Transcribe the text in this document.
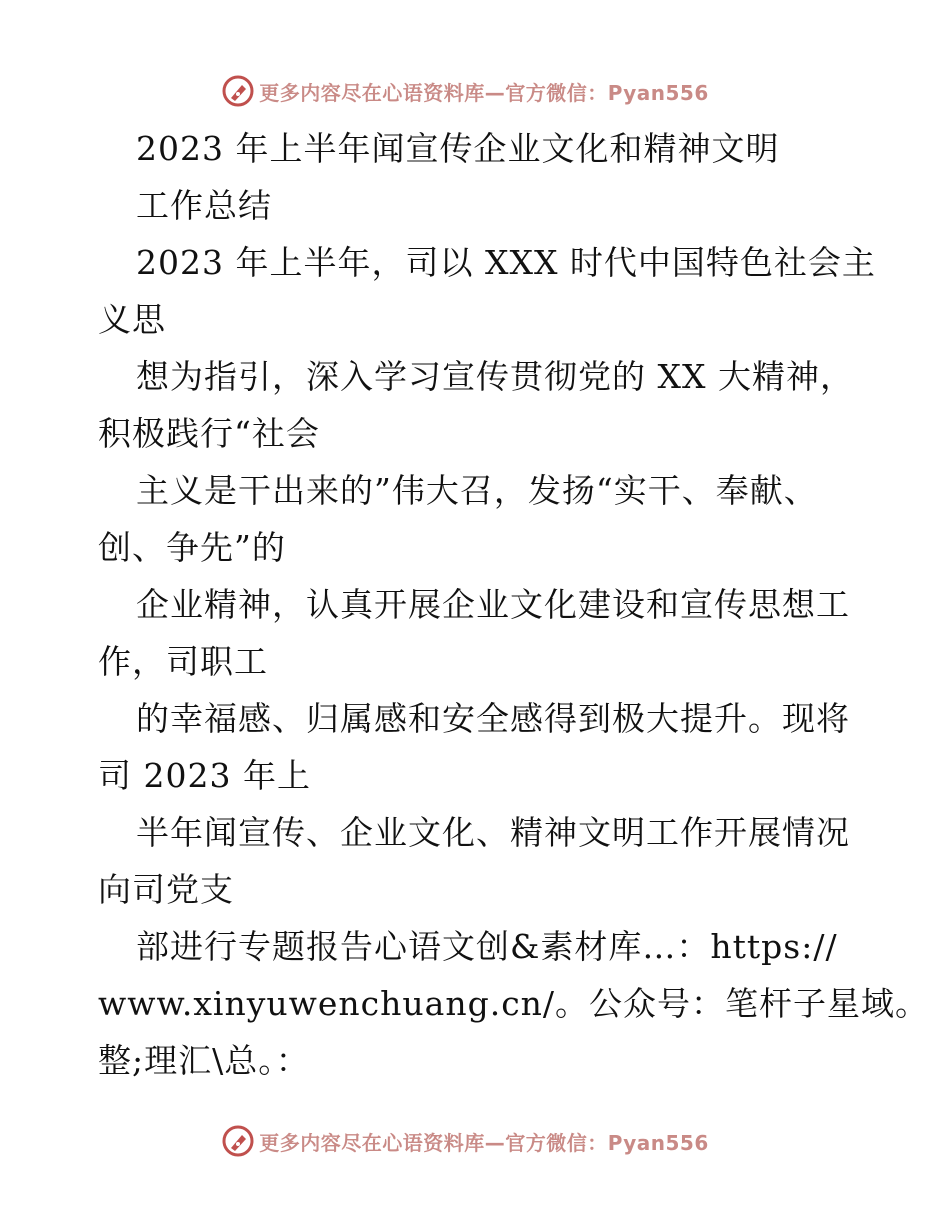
更多内容尽在心语资料库—官方微信：Pyan556
2023 年上半年闻宣传企业文化和精神文明
工作总结
2023 年上半年，司以 XXX 时代中国特色社会主
义思
想为指引，深入学习宣传贯彻党的 XX 大精神，
积极践行“社会
主义是干出来的”伟大召，发扬“实干、奉献、
创、争先”的
企业精神，认真开展企业文化建设和宣传思想工
作，司职工
的幸福感、归属感和安全感得到极大提升。现将
司 2023 年上
半年闻宣传、企业文化、精神文明工作开展情况
向司党支
部进行专题报告心语文创&素材库…：https://
www.xinyuwenchuang.cn/。公众号：笔杆子星域。
整;理汇\总。：
更多内容尽在心语资料库—官方微信：Pyan556
